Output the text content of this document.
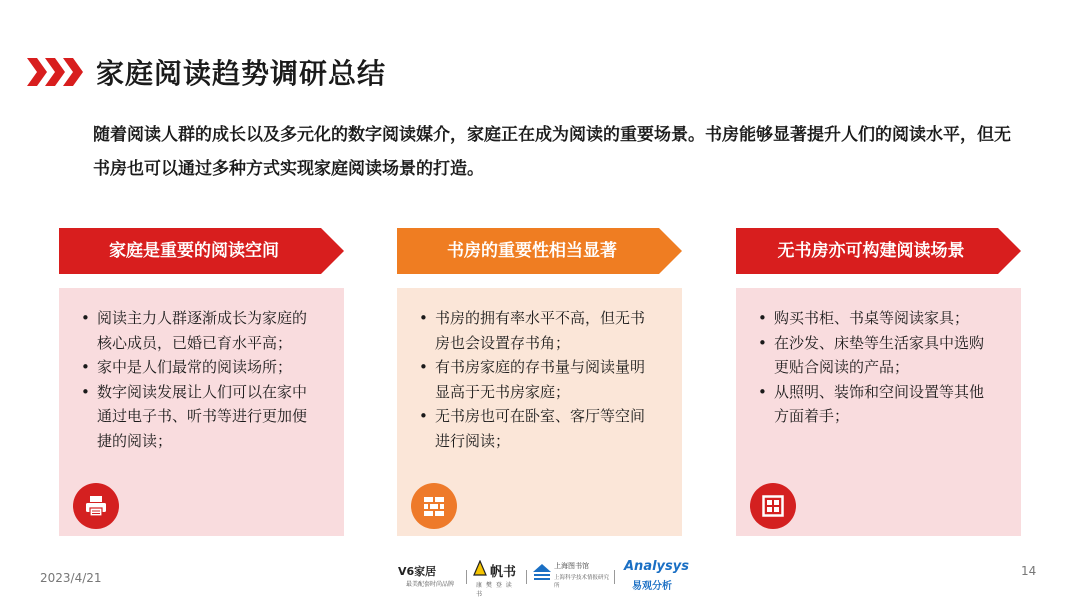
家庭阅读趋势调研总结
随着阅读人群的成长以及多元化的数字阅读媒介，家庭正在成为阅读的重要场景。书房能够显著提升人们的阅读水平，但无书房也可以通过多种方式实现家庭阅读场景的打造。
家庭是重要的阅读空间
• 阅读主力人群逐渐成长为家庭的核心成员，已婚已育水平高；
• 家中是人们最常的阅读场所；
• 数字阅读发展让人们可以在家中通过电子书、听书等进行更加便捷的阅读；
书房的重要性相当显著
• 书房的拥有率水平不高，但无书房也会设置存书角；
• 有书房家庭的存书量与阅读量明显高于无书房家庭；
• 无书房也可在卧室、客厅等空间进行阅读；
无书房亦可构建阅读场景
• 购买书柜、书桌等阅读家具；
• 在沙发、床垫等生活家具中选购更贴合阅读的产品；
• 从照明、装饰和空间设置等其他方面着手；
2023/4/21	14
V6家居
最美配套时尚品牌
帆书
康 樊 登 读 书
上海图书馆
上海科学技术情报研究所
Analysys
易观分析
